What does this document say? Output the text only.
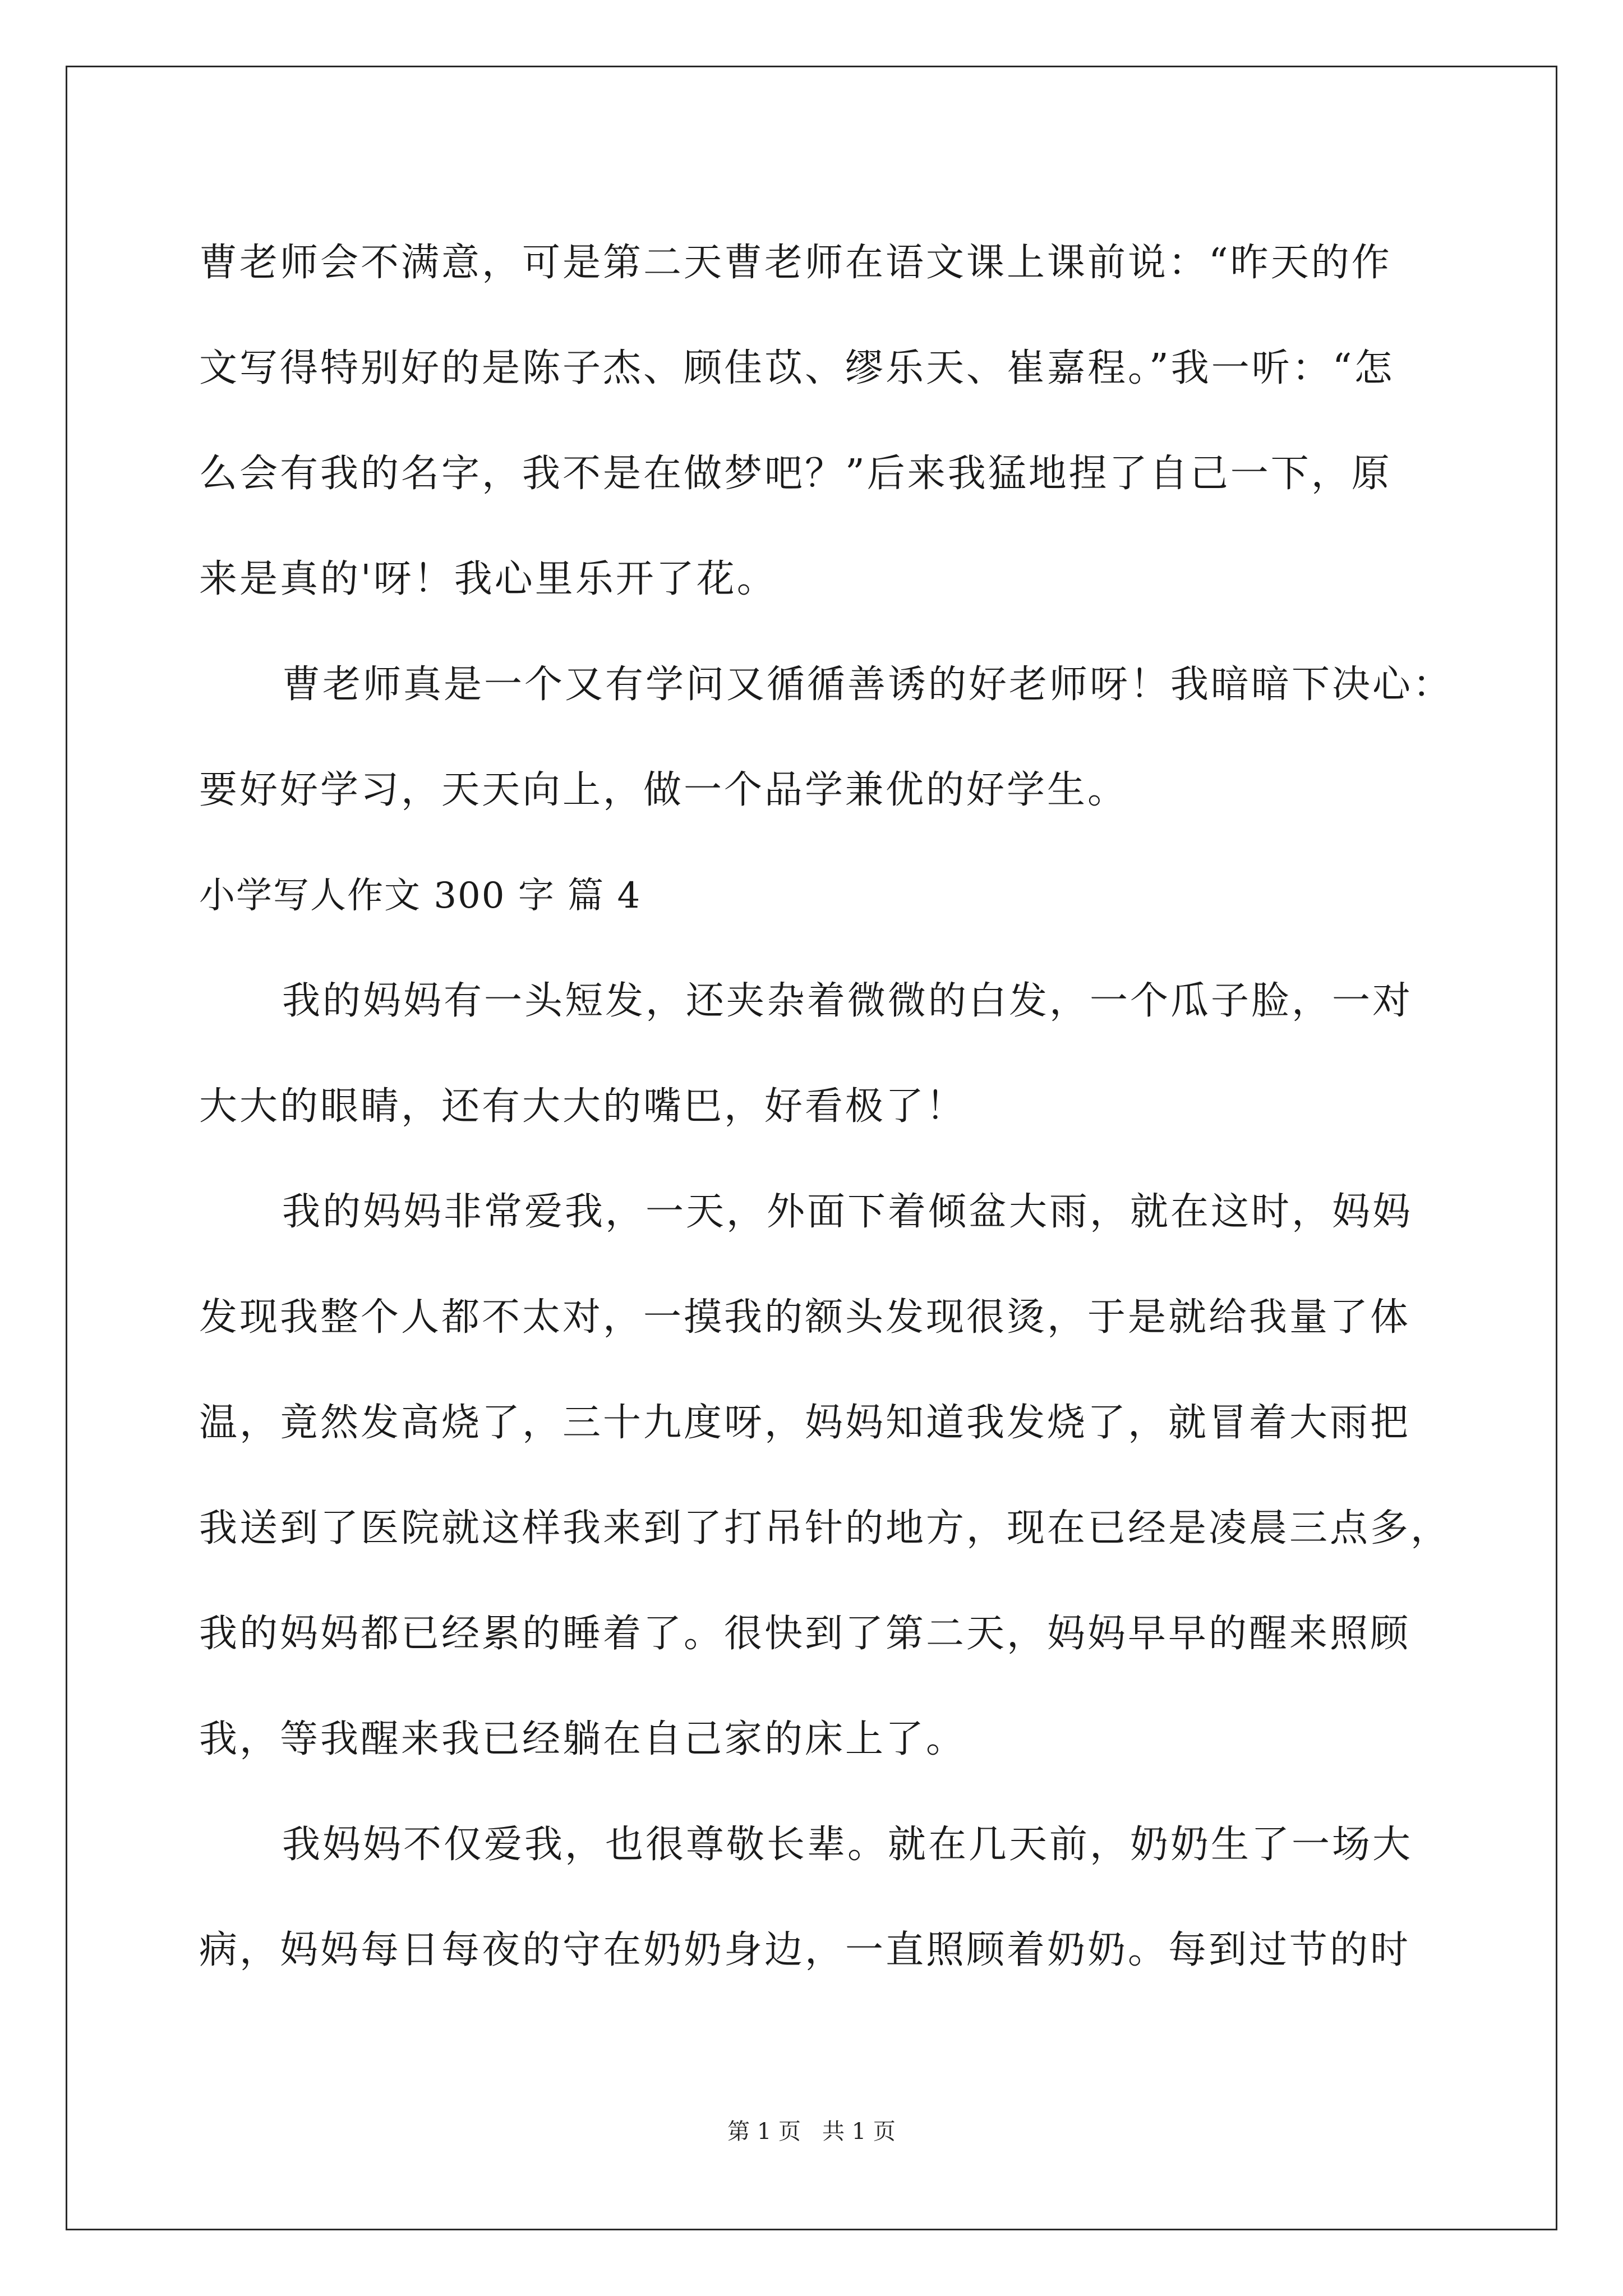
曹老师会不满意，可是第二天曹老师在语文课上课前说：“昨天的作
文写得特别好的是陈子杰、顾佳苡、缪乐天、崔嘉程。”我一听：“怎
么会有我的名字，我不是在做梦吧？”后来我猛地捏了自己一下，原
来是真的'呀！我心里乐开了花。
曹老师真是一个又有学问又循循善诱的好老师呀！我暗暗下决心：
要好好学习，天天向上，做一个品学兼优的好学生。
小学写人作文 300 字 篇 4
我的妈妈有一头短发，还夹杂着微微的白发，一个瓜子脸，一对
大大的眼睛，还有大大的嘴巴，好看极了！
我的妈妈非常爱我，一天，外面下着倾盆大雨，就在这时，妈妈
发现我整个人都不太对，一摸我的额头发现很烫，于是就给我量了体
温，竟然发高烧了，三十九度呀，妈妈知道我发烧了，就冒着大雨把
我送到了医院就这样我来到了打吊针的地方，现在已经是凌晨三点多，
我的妈妈都已经累的睡着了。很快到了第二天，妈妈早早的醒来照顾
我，等我醒来我已经躺在自己家的床上了。
我妈妈不仅爱我，也很尊敬长辈。就在几天前，奶奶生了一场大
病，妈妈每日每夜的守在奶奶身边，一直照顾着奶奶。每到过节的时
第 1 页 共 1 页
